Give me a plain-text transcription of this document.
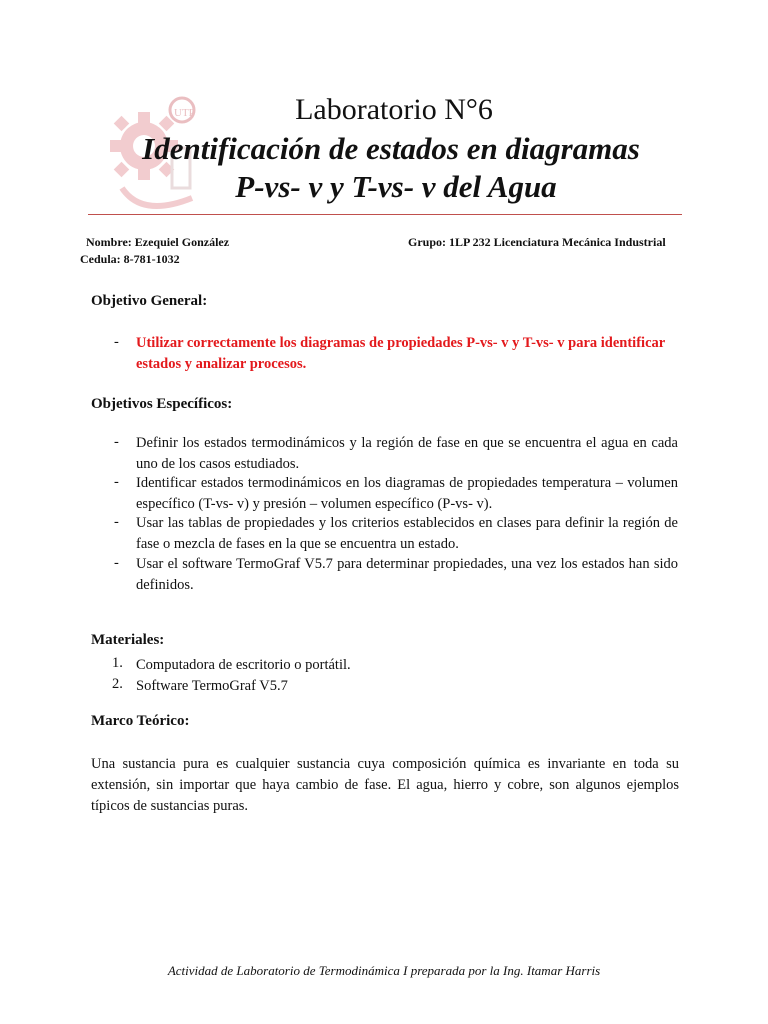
UTP	Laboratorio N°6
Identificación de estados en diagramas
P-vs- v y T-vs- v del Agua
Nombre: Ezequiel González
Cedula: 8-781-1032
Grupo: 1LP 232 Licenciatura Mecánica Industrial
Objetivo General:
- Utilizar correctamente los diagramas de propiedades P-vs- v y T-vs- v para identificar
estados y analizar procesos.
Objetivos Específicos:
- Definir los estados termodinámicos y la región de fase en que se encuentra el agua en cada uno de los casos estudiados.
- Identificar estados termodinámicos en los diagramas de propiedades temperatura – volumen específico (T-vs- v) y presión – volumen específico (P-vs- v).
- Usar las tablas de propiedades y los criterios establecidos en clases para definir la región de fase o mezcla de fases en la que se encuentra un estado.
- Usar el software TermoGraf V5.7 para determinar propiedades, una vez los estados han sido definidos.
Materiales:
1. Computadora de escritorio o portátil.
2. Software TermoGraf V5.7
Marco Teórico:
Una sustancia pura es cualquier sustancia cuya composición química es invariante en toda su extensión, sin importar que haya cambio de fase. El agua, hierro y cobre, son algunos ejemplos típicos de sustancias puras.
Actividad de Laboratorio de Termodinámica I preparada por la Ing. Itamar Harris
